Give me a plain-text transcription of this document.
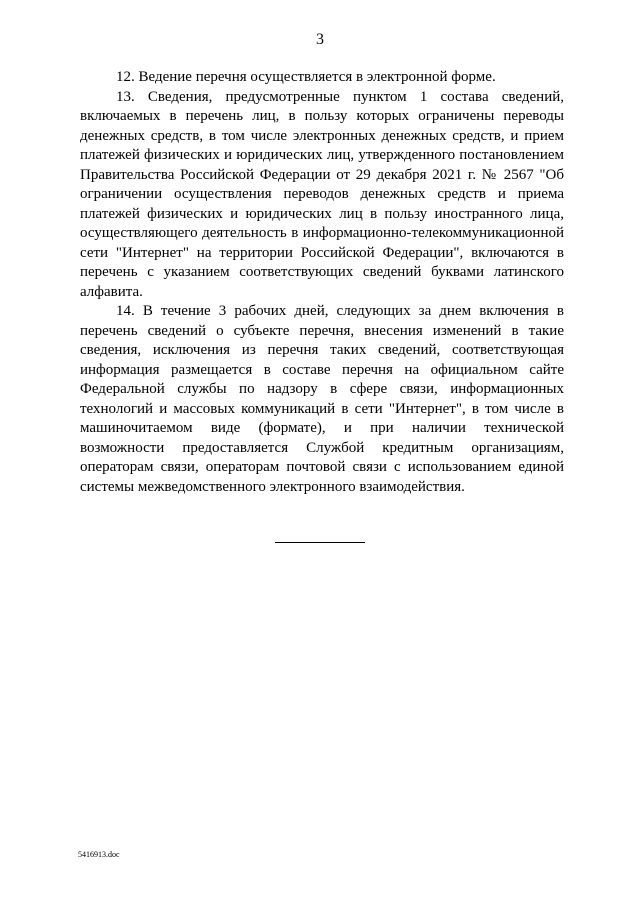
3

12. Ведение перечня осуществляется в электронной форме.

13. Сведения, предусмотренные пунктом 1 состава сведений, включаемых в перечень лиц, в пользу которых ограничены переводы денежных средств, в том числе электронных денежных средств, и прием платежей физических и юридических лиц, утвержденного постановлением Правительства Российской Федерации от 29 декабря 2021 г. № 2567 "Об ограничении осуществления переводов денежных средств и приема платежей физических и юридических лиц в пользу иностранного лица, осуществляющего деятельность в информационно-телекоммуникационной сети "Интернет" на территории Российской Федерации", включаются в перечень с указанием соответствующих сведений буквами латинского алфавита.

14. В течение 3 рабочих дней, следующих за днем включения в перечень сведений о субъекте перечня, внесения изменений в такие сведения, исключения из перечня таких сведений, соответствующая информация размещается в составе перечня на официальном сайте Федеральной службы по надзору в сфере связи, информационных технологий и массовых коммуникаций в сети "Интернет", в том числе в машиночитаемом виде (формате), и при наличии технической возможности предоставляется Службой кредитным организациям, операторам связи, операторам почтовой связи с использованием единой системы межведомственного электронного взаимодействия.

5416913.doc
